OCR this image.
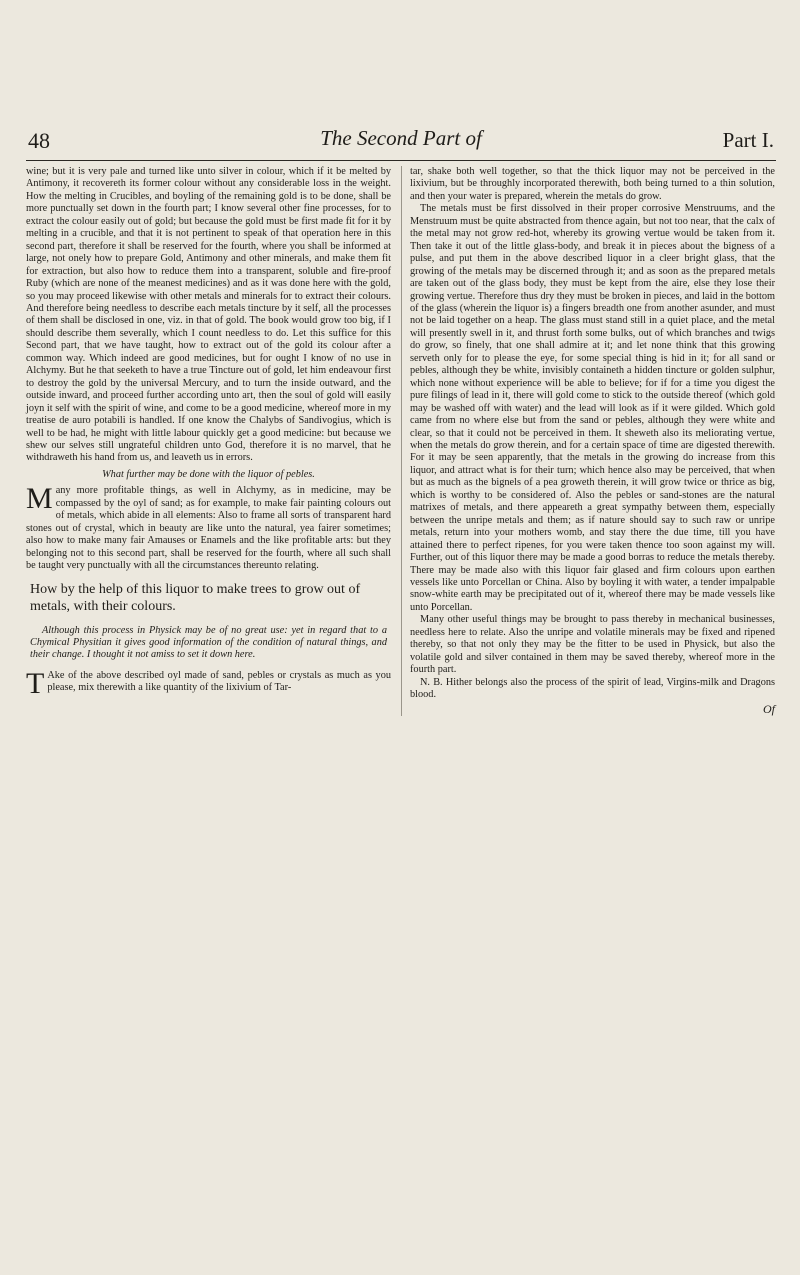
48	The Second Part of	Part I.

wine; but it is very pale and turned like unto silver in colour, which if it be melted by Antimony, it recovereth its former colour without any considerable loss in the weight. How the melting in Crucibles, and boyling of the remaining gold is to be done, shall be more punctually set down in the fourth part; I know several other fine processes, for to extract the colour easily out of gold; but because the gold must be first made fit for it by melting in a crucible, and that it is not pertinent to speak of that operation here in this second part, therefore it shall be reserved for the fourth, where you shall be informed at large, not onely how to prepare Gold, Antimony and other minerals, and make them fit for extraction, but also how to reduce them into a transparent, soluble and fire-proof Ruby (which are none of the meanest medicines) and as it was done here with the gold, so you may proceed likewise with other metals and minerals for to extract their colours. And therefore being needless to describe each metals tincture by it self, all the processes of them shall be disclosed in one, viz. in that of gold. The book would grow too big, if I should describe them severally, which I count needless to do. Let this suffice for this Second part, that we have taught, how to extract out of the gold its colour after a common way. Which indeed are good medicines, but for ought I know of no use in Alchymy. But he that seeketh to have a true Tincture out of gold, let him endeavour first to destroy the gold by the universal Mercury, and to turn the inside outward, and the outside inward, and proceed further according unto art, then the soul of gold will easily joyn it self with the spirit of wine, and come to be a good medicine, whereof more in my treatise de auro potabili is handled. If one know the Chalybs of Sandivogius, which is well to be had, he might with little labour quickly get a good medicine: but because we shew our selves still ungrateful children unto God, therefore it is no marvel, that he withdraweth his hand from us, and leaveth us in errors.

What further may be done with the liquor of pebles.

Many more profitable things, as well in Alchymy, as in medicine, may be compassed by the oyl of sand; as for example, to make fair painting colours out of metals, which abide in all elements: Also to frame all sorts of transparent hard stones out of crystal, which in beauty are like unto the natural, yea fairer sometimes; also how to make many fair Amauses or Enamels and the like profitable arts: but they belonging not to this second part, shall be reserved for the fourth, where all such shall be taught very punctually with all the circumstances thereunto relating.

How by the help of this liquor to make trees to grow out of metals, with their colours.
Although this process in Physick may be of no great use: yet in regard that to a Chymical Physitian it gives good information of the condition of natural things, and their change. I thought it not amiss to set it down here.

T Ake of the above described oyl made of sand, pebles or crystals as much as you please, mix therewith a like quantity of the lixivium of Tar-

tar, shake both well together, so that the thick liquor may not be perceived in the lixivium, but be throughly incorporated therewith, both being turned to a thin solution, and then your water is prepared, wherein the metals do grow.

The metals must be first dissolved in their proper corrosive Menstruums, and the Menstruum must be quite abstracted from thence again, but not too near, that the calx of the metal may not grow red-hot, whereby its growing vertue would be taken from it. Then take it out of the little glass-body, and break it in pieces about the bigness of a pulse, and put them in the above described liquor in a cleer bright glass, that the growing of the metals may be discerned through it; and as soon as the prepared metals are taken out of the glass body, they must be kept from the aire, else they lose their growing vertue. Therefore thus dry they must be broken in pieces, and laid in the bottom of the glass (wherein the liquor is) a fingers breadth one from another asunder, and must not be laid together on a heap. The glass must stand still in a quiet place, and the metal will presently swell in it, and thrust forth some bulks, out of which branches and twigs do grow, so finely, that one shall admire at it; and let none think that this growing serveth only for to please the eye, for some special thing is hid in it; for all sand or pebles, although they be white, invisibly containeth a hidden tincture or golden sulphur, which none without experience will be able to believe; for if for a time you digest the pure filings of lead in it, there will gold come to stick to the outside thereof (which gold may be washed off with water) and the lead will look as if it were gilded. Which gold came from no where else but from the sand or pebles, although they were white and clear, so that it could not be perceived in them. It sheweth also its meliorating vertue, when the metals do grow therein, and for a certain space of time are digested therewith. For it may be seen apparently, that the metals in the growing do increase from this liquor, and attract what is for their turn; which hence also may be perceived, that when but as much as the bignels of a pea groweth therein, it will grow twice or thrice as big, which is worthy to be considered of. Also the pebles or sand-stones are the natural matrixes of metals, and there appeareth a great sympathy between them, especially between the unripe metals and them; as if nature should say to such raw or unripe metals, return into your mothers womb, and stay there the due time, till you have attained there to perfect ripenes, for you were taken thence too soon against my will. Further, out of this liquor there may be made a good borras to reduce the metals thereby. There may be made also with this liquor fair glased and firm colours upon earthen vessels like unto Porcellan or China. Also by boyling it with water, a tender impalpable snow-white earth may be precipitated out of it, whereof there may be made vessels like unto Porcellan.

Many other useful things may be brought to pass thereby in mechanical businesses, needless here to relate. Also the unripe and volatile minerals may be fixed and ripened thereby, so that not only they may be the fitter to be used in Physick, but also the volatile gold and silver contained in them may be saved thereby, whereof more in the fourth part.

N. B. Hither belongs also the process of the spirit of lead, Virgins-milk and Dragons blood.

Of
